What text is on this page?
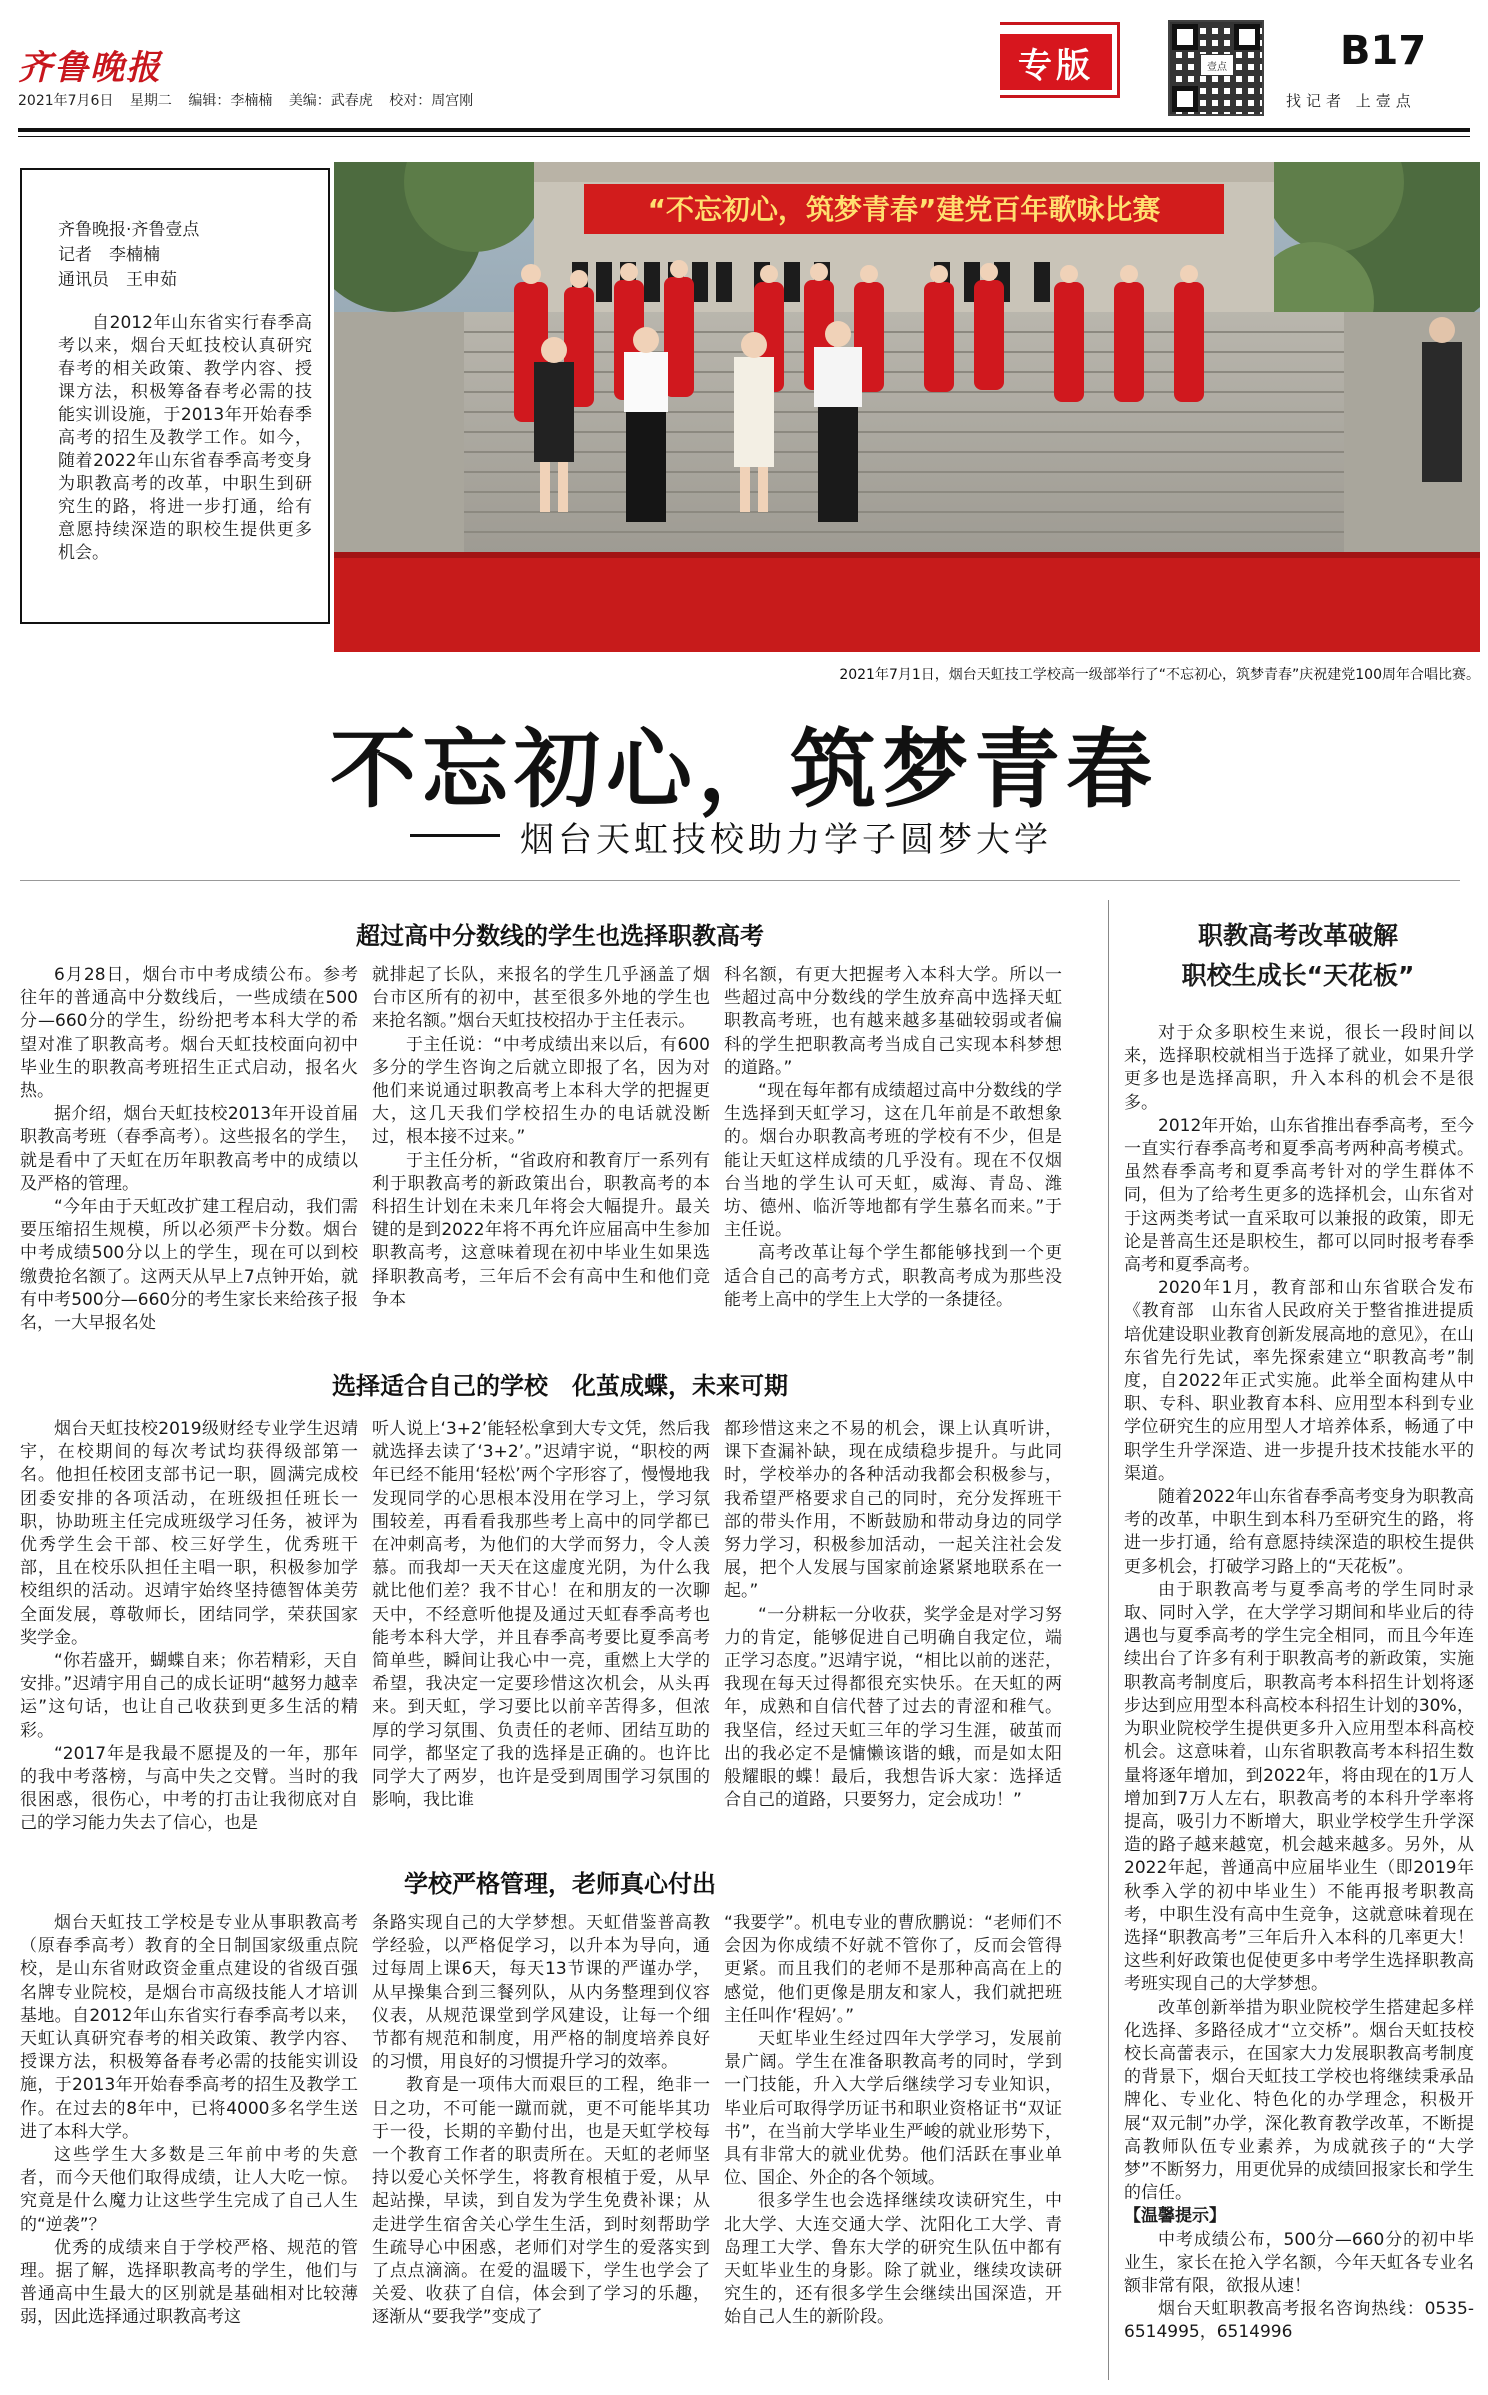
齐鲁晚报
2021年7月6日 星期二 编辑：李楠楠 美编：武春虎 校对：周宫刚
专版	壹点	B17
找记者 上壹点
齐鲁晚报·齐鲁壹点
记者　李楠楠
通讯员　王申茹
自2012年山东省实行春季高考以来，烟台天虹技校认真研究春考的相关政策、教学内容、授课方法，积极筹备春考必需的技能实训设施，于2013年开始春季高考的招生及教学工作。如今，随着2022年山东省春季高考变身为职教高考的改革，中职生到研究生的路，将进一步打通，给有意愿持续深造的职校生提供更多机会。
“不忘初心，筑梦青春”建党百年歌咏比赛
2021年7月1日，烟台天虹技工学校高一级部举行了“不忘初心，筑梦青春”庆祝建党100周年合唱比赛。
不忘初心，筑梦青春
烟台天虹技校助力学子圆梦大学
超过高中分数线的学生也选择职教高考

6月28日，烟台市中考成绩公布。参考往年的普通高中分数线后，一些成绩在500分—660分的学生，纷纷把考本科大学的希望对准了职教高考。烟台天虹技校面向初中毕业生的职教高考班招生正式启动，报名火热。

据介绍，烟台天虹技校2013年开设首届职教高考班（春季高考）。这些报名的学生，就是看中了天虹在历年职教高考中的成绩以及严格的管理。

“今年由于天虹改扩建工程启动，我们需要压缩招生规模，所以必须严卡分数。烟台中考成绩500分以上的学生，现在可以到校缴费抢名额了。这两天从早上7点钟开始，就有中考500分—660分的考生家长来给孩子报名，一大早报名处

就排起了长队，来报名的学生几乎涵盖了烟台市区所有的初中，甚至很多外地的学生也来抢名额。”烟台天虹技校招办于主任表示。

于主任说：“中考成绩出来以后，有600多分的学生咨询之后就立即报了名，因为对他们来说通过职教高考上本科大学的把握更大，这几天我们学校招生办的电话就没断过，根本接不过来。”

于主任分析，“省政府和教育厅一系列有利于职教高考的新政策出台，职教高考的本科招生计划在未来几年将会大幅提升。最关键的是到2022年将不再允许应届高中生参加职教高考，这意味着现在初中毕业生如果选择职教高考，三年后不会有高中生和他们竞争本

科名额，有更大把握考入本科大学。所以一些超过高中分数线的学生放弃高中选择天虹职教高考班，也有越来越多基础较弱或者偏科的学生把职教高考当成自己实现本科梦想的道路。”

“现在每年都有成绩超过高中分数线的学生选择到天虹学习，这在几年前是不敢想象的。烟台办职教高考班的学校有不少，但是能让天虹这样成绩的几乎没有。现在不仅烟台当地的学生认可天虹，威海、青岛、潍坊、德州、临沂等地都有学生慕名而来。”于主任说。

高考改革让每个学生都能够找到一个更适合自己的高考方式，职教高考成为那些没能考上高中的学生上大学的一条捷径。

选择适合自己的学校　化茧成蝶，未来可期

烟台天虹技校2019级财经专业学生迟靖宇，在校期间的每次考试均获得级部第一名。他担任校团支部书记一职，圆满完成校团委安排的各项活动，在班级担任班长一职，协助班主任完成班级学习任务，被评为优秀学生会干部、校三好学生，优秀班干部，且在校乐队担任主唱一职，积极参加学校组织的活动。迟靖宇始终坚持德智体美劳全面发展，尊敬师长，团结同学，荣获国家奖学金。

“你若盛开，蝴蝶自来；你若精彩，天自安排。”迟靖宇用自己的成长证明“越努力越幸运”这句话，也让自己收获到更多生活的精彩。

“2017年是我最不愿提及的一年，那年的我中考落榜，与高中失之交臂。当时的我很困惑，很伤心，中考的打击让我彻底对自己的学习能力失去了信心，也是

听人说上‘3+2’能轻松拿到大专文凭，然后我就选择去读了‘3+2’。”迟靖宇说，“职校的两年已经不能用‘轻松’两个字形容了，慢慢地我发现同学的心思根本没用在学习上，学习氛围较差，再看看我那些考上高中的同学都已在冲刺高考，为他们的大学而努力，令人羡慕。而我却一天天在这虚度光阴，为什么我就比他们差？我不甘心！在和朋友的一次聊天中，不经意听他提及通过天虹春季高考也能考本科大学，并且春季高考要比夏季高考简单些，瞬间让我心中一亮，重燃上大学的希望，我决定一定要珍惜这次机会，从头再来。到天虹，学习要比以前辛苦得多，但浓厚的学习氛围、负责任的老师、团结互助的同学，都坚定了我的选择是正确的。也许比同学大了两岁，也许是受到周围学习氛围的影响，我比谁

都珍惜这来之不易的机会，课上认真听讲，课下查漏补缺，现在成绩稳步提升。与此同时，学校举办的各种活动我都会积极参与，我希望严格要求自己的同时，充分发挥班干部的带头作用，不断鼓励和带动身边的同学努力学习，积极参加活动，一起关注社会发展，把个人发展与国家前途紧紧地联系在一起。”

“一分耕耘一分收获，奖学金是对学习努力的肯定，能够促进自己明确自我定位，端正学习态度。”迟靖宇说，“相比以前的迷茫，我现在每天过得都很充实快乐。在天虹的两年，成熟和自信代替了过去的青涩和稚气。我坚信，经过天虹三年的学习生涯，破茧而出的我必定不是慵懒该谐的蛾，而是如太阳般耀眼的蝶！最后，我想告诉大家：选择适合自己的道路，只要努力，定会成功！”

学校严格管理，老师真心付出

烟台天虹技工学校是专业从事职教高考（原春季高考）教育的全日制国家级重点院校，是山东省财政资金重点建设的省级百强名牌专业院校，是烟台市高级技能人才培训基地。自2012年山东省实行春季高考以来，天虹认真研究春考的相关政策、教学内容、授课方法，积极筹备春考必需的技能实训设施，于2013年开始春季高考的招生及教学工作。在过去的8年中，已将4000多名学生送进了本科大学。

这些学生大多数是三年前中考的失意者，而今天他们取得成绩，让人大吃一惊。究竟是什么魔力让这些学生完成了自己人生的“逆袭”？

优秀的成绩来自于学校严格、规范的管理。据了解，选择职教高考的学生，他们与普通高中生最大的区别就是基础相对比较薄弱，因此选择通过职教高考这

条路实现自己的大学梦想。天虹借鉴普高教学经验，以严格促学习，以升本为导向，通过每周上课6天，每天13节课的严谨办学，从早操集合到三餐列队，从内务整理到仪容仪表，从规范课堂到学风建设，让每一个细节都有规范和制度，用严格的制度培养良好的习惯，用良好的习惯提升学习的效率。

教育是一项伟大而艰巨的工程，绝非一日之功，不可能一蹴而就，更不可能毕其功于一役，长期的辛勤付出，也是天虹学校每一个教育工作者的职责所在。天虹的老师坚持以爱心关怀学生，将教育根植于爱，从早起站操，早读，到自发为学生免费补课；从走进学生宿舍关心学生生活，到时刻帮助学生疏导心中困惑，老师们对学生的爱落实到了点点滴滴。在爱的温暖下，学生也学会了关爱、收获了自信，体会到了学习的乐趣，逐渐从“要我学”变成了

“我要学”。机电专业的曹欣鹏说：“老师们不会因为你成绩不好就不管你了，反而会管得更紧。而且我们的老师不是那种高高在上的感觉，他们更像是朋友和家人，我们就把班主任叫作‘程妈’。”

天虹毕业生经过四年大学学习，发展前景广阔。学生在准备职教高考的同时，学到一门技能，升入大学后继续学习专业知识，毕业后可取得学历证书和职业资格证书“双证书”，在当前大学毕业生严峻的就业形势下，具有非常大的就业优势。他们活跃在事业单位、国企、外企的各个领域。

很多学生也会选择继续攻读研究生，中北大学、大连交通大学、沈阳化工大学、青岛理工大学、鲁东大学的研究生队伍中都有天虹毕业生的身影。除了就业，继续攻读研究生的，还有很多学生会继续出国深造，开始自己人生的新阶段。

职教高考改革破解
职校生成长“天花板”

对于众多职校生来说，很长一段时间以来，选择职校就相当于选择了就业，如果升学更多也是选择高职，升入本科的机会不是很多。

2012年开始，山东省推出春季高考，至今一直实行春季高考和夏季高考两种高考模式。虽然春季高考和夏季高考针对的学生群体不同，但为了给考生更多的选择机会，山东省对于这两类考试一直采取可以兼报的政策，即无论是普高生还是职校生，都可以同时报考春季高考和夏季高考。

2020年1月，教育部和山东省联合发布《教育部　山东省人民政府关于整省推进提质培优建设职业教育创新发展高地的意见》，在山东省先行先试，率先探索建立“职教高考”制度，自2022年正式实施。此举全面构建从中职、专科、职业教育本科、应用型本科到专业学位研究生的应用型人才培养体系，畅通了中职学生升学深造、进一步提升技术技能水平的渠道。

随着2022年山东省春季高考变身为职教高考的改革，中职生到本科乃至研究生的路，将进一步打通，给有意愿持续深造的职校生提供更多机会，打破学习路上的“天花板”。

由于职教高考与夏季高考的学生同时录取、同时入学，在大学学习期间和毕业后的待遇也与夏季高考的学生完全相同，而且今年连续出台了许多有利于职教高考的新政策，实施职教高考制度后，职教高考本科招生计划将逐步达到应用型本科高校本科招生计划的30%，为职业院校学生提供更多升入应用型本科高校机会。这意味着，山东省职教高考本科招生数量将逐年增加，到2022年，将由现在的1万人增加到7万人左右，职教高考的本科升学率将提高，吸引力不断增大，职业学校学生升学深造的路子越来越宽，机会越来越多。另外，从2022年起，普通高中应届毕业生（即2019年秋季入学的初中毕业生）不能再报考职教高考，中职生没有高中生竞争，这就意味着现在选择“职教高考”三年后升入本科的几率更大！这些利好政策也促使更多中考学生选择职教高考班实现自己的大学梦想。

改革创新举措为职业院校学生搭建起多样化选择、多路径成才“立交桥”。烟台天虹技校校长高蕾表示，在国家大力发展职教高考制度的背景下，烟台天虹技工学校也将继续秉承品牌化、专业化、特色化的办学理念，积极开展“双元制”办学，深化教育教学改革，不断提高教师队伍专业素养，为成就孩子的“大学梦”不断努力，用更优异的成绩回报家长和学生的信任。

【温馨提示】

中考成绩公布，500分—660分的初中毕业生，家长在抢入学名额，今年天虹各专业名额非常有限，欲报从速！

烟台天虹职教高考报名咨询热线：0535-6514995，6514996
